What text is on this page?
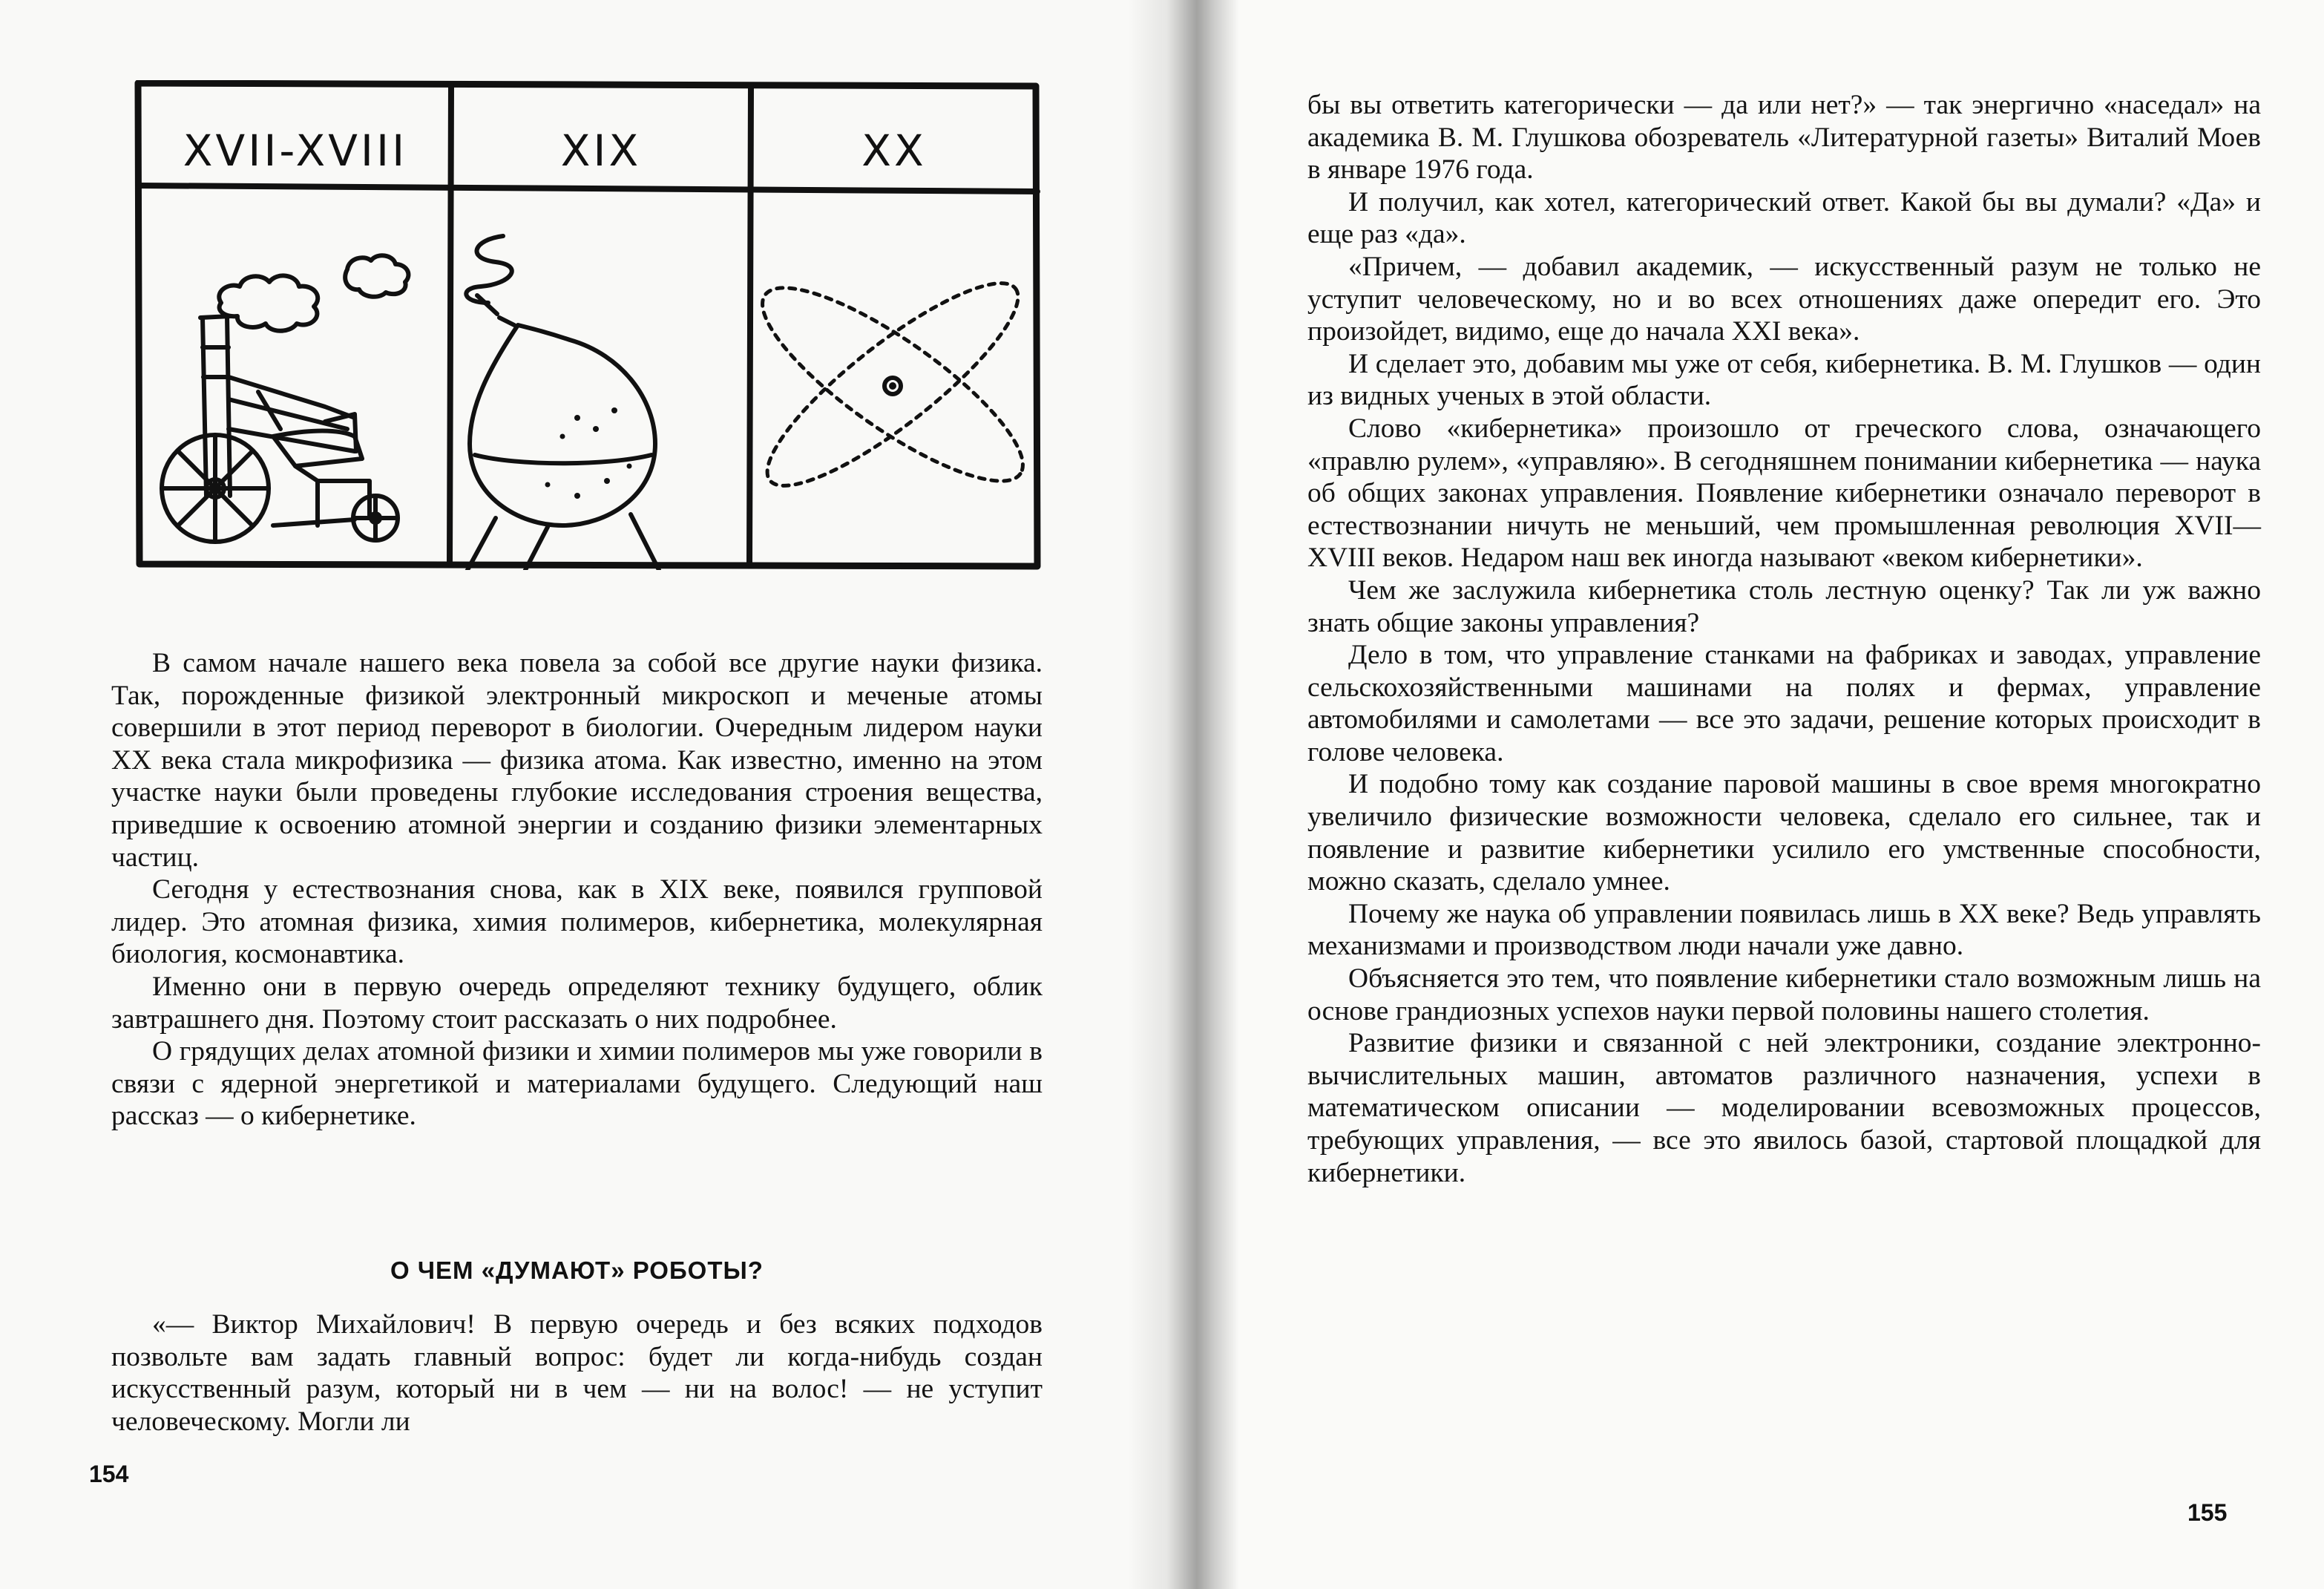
XVII-XVIII	XIX	XX

В самом начале нашего века повела за собой все другие науки физика. Так, порожденные физикой электронный микроскоп и меченые атомы совершили в этот период переворот в биологии. Очередным лидером науки XX века стала микрофизика — физика атома. Как известно, именно на этом участке науки были проведены глубокие исследования строения вещества, приведшие к освоению атомной энергии и созданию физики элементарных частиц.

Сегодня у естествознания снова, как в XIX веке, появился групповой лидер. Это атомная физика, химия полимеров, кибернетика, молекулярная биология, космонавтика.

Именно они в первую очередь определяют технику будущего, облик завтрашнего дня. Поэтому стоит рассказать о них подробнее.

О грядущих делах атомной физики и химии полимеров мы уже говорили в связи с ядерной энергетикой и материалами будущего. Следующий наш рассказ — о кибернетике.

О ЧЕМ «ДУМАЮТ» РОБОТЫ?

«— Виктор Михайлович! В первую очередь и без всяких подходов позвольте вам задать главный вопрос: будет ли когда-нибудь создан искусственный разум, который ни в чем — ни на волос! — не уступит человеческому. Могли ли

154

бы вы ответить категорически — да или нет?» — так энергично «наседал» на академика В. М. Глушкова обозреватель «Литературной газеты» Виталий Моев в январе 1976 года.

И получил, как хотел, категорический ответ. Какой бы вы думали? «Да» и еще раз «да».

«Причем, — добавил академик, — искусственный разум не только не уступит человеческому, но и во всех отношениях даже опередит его. Это произойдет, видимо, еще до начала XXI века».

И сделает это, добавим мы уже от себя, кибернетика. В. М. Глушков — один из видных ученых в этой области.

Слово «кибернетика» произошло от греческого слова, означающего «правлю рулем», «управляю». В сегодняшнем понимании кибернетика — наука об общих законах управления. Появление кибернетики означало переворот в естествознании ничуть не меньший, чем промышленная революция XVII—XVIII веков. Недаром наш век иногда называют «веком кибернетики».

Чем же заслужила кибернетика столь лестную оценку? Так ли уж важно знать общие законы управления?

Дело в том, что управление станками на фабриках и заводах, управление сельскохозяйственными машинами на полях и фермах, управление автомобилями и самолетами — все это задачи, решение которых происходит в голове человека.

И подобно тому как создание паровой машины в свое время многократно увеличило физические возможности человека, сделало его сильнее, так и появление и развитие кибернетики усилило его умственные способности, можно сказать, сделало умнее.

Почему же наука об управлении появилась лишь в XX веке? Ведь управлять механизмами и производством люди начали уже давно.

Объясняется это тем, что появление кибернетики стало возможным лишь на основе грандиозных успехов науки первой половины нашего столетия.

Развитие физики и связанной с ней электроники, создание электронно-вычислительных машин, автоматов различного назначения, успехи в математическом описании — моделировании всевозможных процессов, требующих управления, — все это явилось базой, стартовой площадкой для кибернетики.

155
